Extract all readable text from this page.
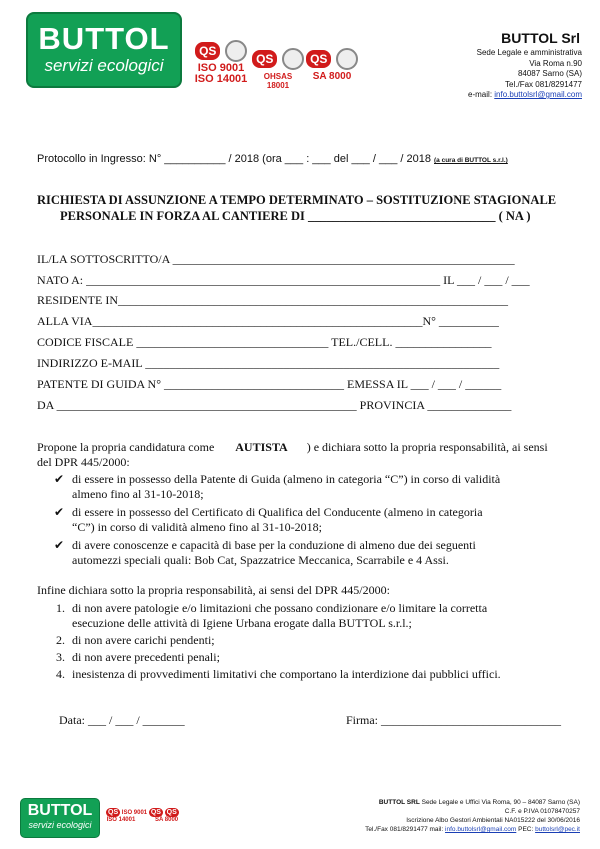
BUTTOL
servizi ecologici
QS
ISO 9001
ISO 14001
QS
OHSAS 18001
QS
SA 8000
BUTTOL Srl
Sede Legale e amministrativa
Via Roma n.90
84087 Sarno (SA)
Tel./Fax 081/8291477
e-mail: info.buttolsrl@gmail.com
Protocollo in Ingresso: N° __________ / 2018 (ora ___ : ___ del ___ / ___ / 2018 (a cura di BUTTOL s.r.l.)
RICHIESTA DI ASSUNZIONE A TEMPO DETERMINATO – SOSTITUZIONE STAGIONALE
PERSONALE IN FORZA AL CANTIERE DI ______________________________ ( NA )
IL/LA SOTTOSCRITTO/A _________________________________________________________
NATO A: ___________________________________________________________ IL ___ / ___ / ___
RESIDENTE IN_________________________________________________________________
ALLA VIA_______________________________________________________N° __________
CODICE FISCALE ________________________________ TEL./CELL. ________________
INDIRIZZO E-MAIL ___________________________________________________________
PATENTE DI GUIDA N° ______________________________ EMESSA IL ___ / ___ / ______
DA __________________________________________________ PROVINCIA ______________
Propone la propria candidatura come AUTISTA ) e dichiara sotto la propria responsabilità, ai sensi
del DPR 445/2000:
✔ di essere in possesso della Patente di Guida (almeno in categoria “C”) in corso di validità almeno fino al 31-10-2018;
✔ di essere in possesso del Certificato di Qualifica del Conducente (almeno in categoria “C”) in corso di validità almeno fino al 31-10-2018;
✔ di avere conoscenze e capacità di base per la conduzione di almeno due dei seguenti automezzi speciali quali: Bob Cat, Spazzatrice Meccanica, Scarrabile e 4 Assi.
Infine dichiara sotto la propria responsabilità, ai sensi del DPR 445/2000:
1. di non avere patologie e/o limitazioni che possano condizionare e/o limitare la corretta esecuzione delle attività di Igiene Urbana erogate dalla BUTTOL s.r.l.;
2. di non avere carichi pendenti;
3. di non avere precedenti penali;
4. inesistenza di provvedimenti limitativi che comportano la interdizione dai pubblici uffici.
Data: ___ / ___ / _______	Firma: ______________________________
BUTTOL
servizi ecologici
QS ISO 9001 QS QS
ISO 14001	SA 8000
BUTTOL SRL Sede Legale e Uffici Via Roma, 90 – 84087 Sarno (SA)
C.F. e P.IVA 01078470257
Iscrizione Albo Gestori Ambientali NA015222 del 30/06/2016
Tel./Fax 081/8291477 mail: info.buttolsrl@gmail.com PEC: buttolsrl@pec.it
